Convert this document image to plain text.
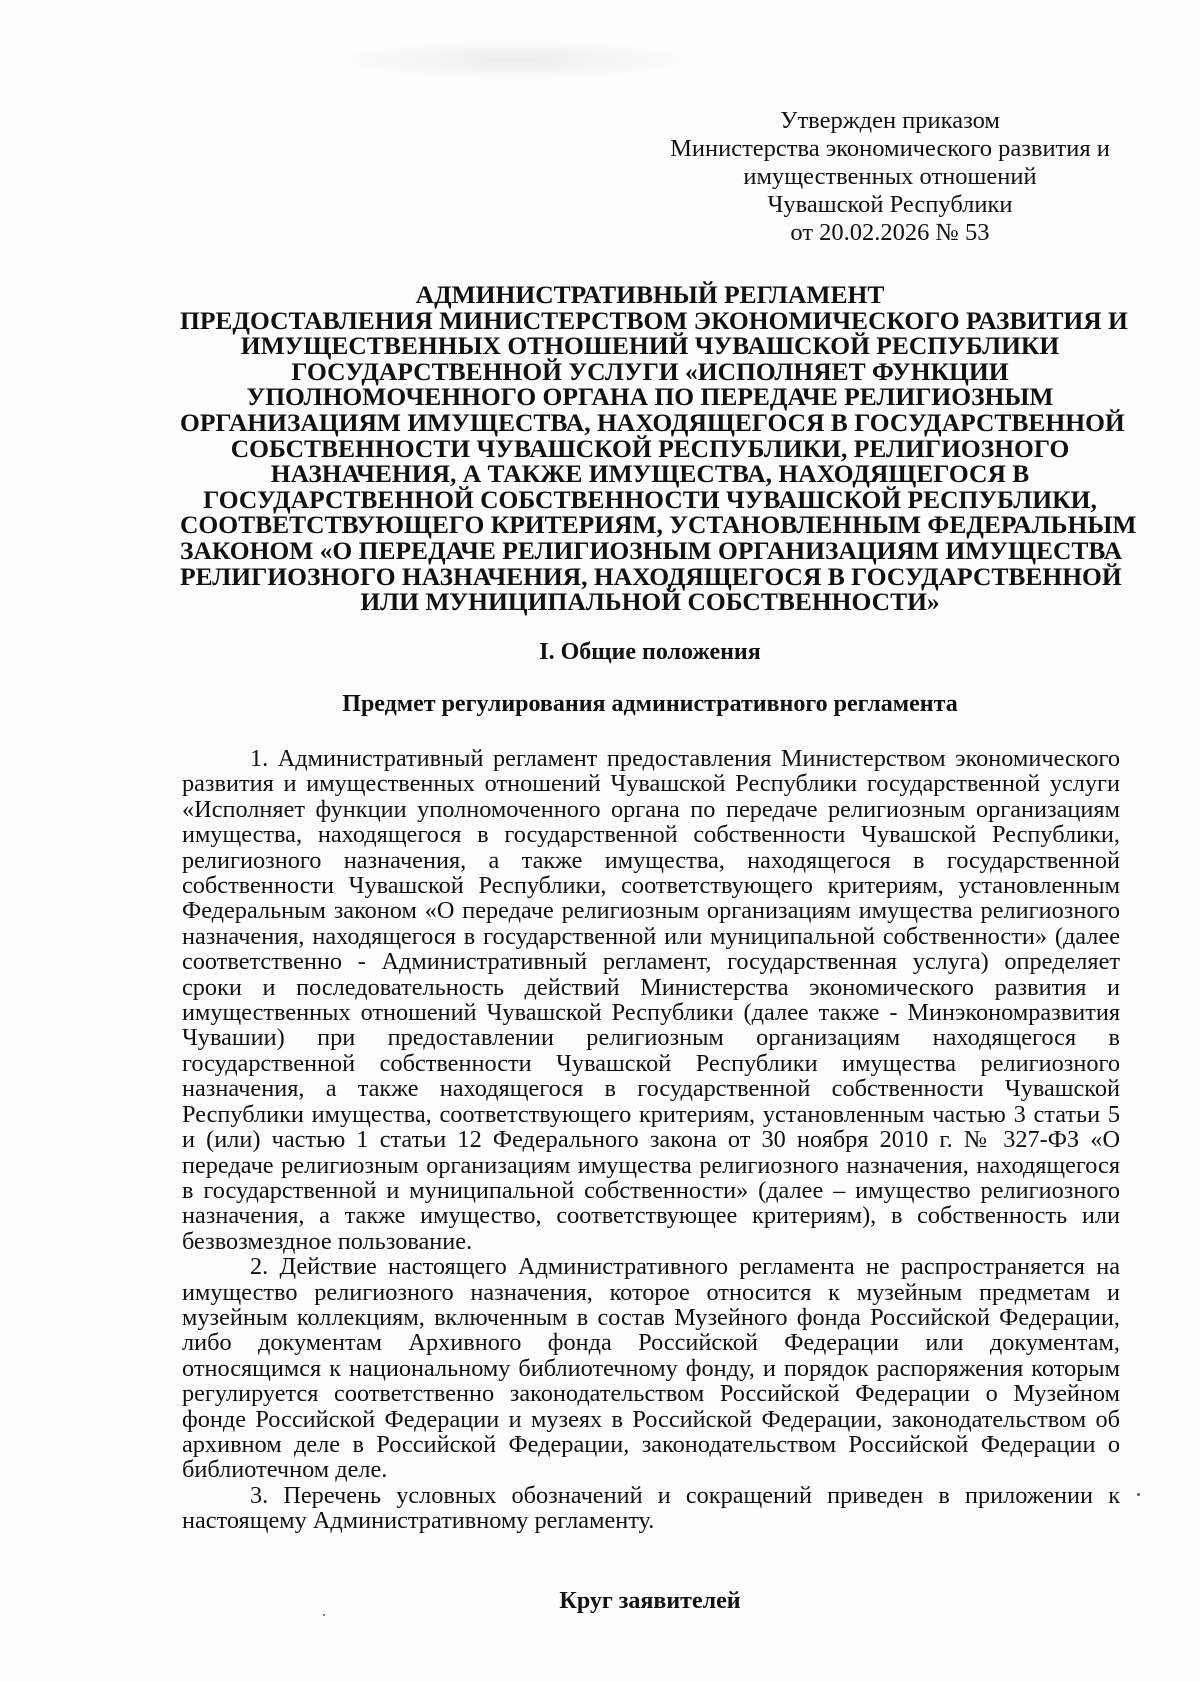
Утвержден приказом
Министерства экономического развития и
имущественных отношений
Чувашской Республики
от 20.02.2026 № 53
АДМИНИСТРАТИВНЫЙ РЕГЛАМЕНТ
ПРЕДОСТАВЛЕНИЯ МИНИСТЕРСТВОМ ЭКОНОМИЧЕСКОГО РАЗВИТИЯ И
ИМУЩЕСТВЕННЫХ ОТНОШЕНИЙ ЧУВАШСКОЙ РЕСПУБЛИКИ
ГОСУДАРСТВЕННОЙ УСЛУГИ «ИСПОЛНЯЕТ ФУНКЦИИ
УПОЛНОМОЧЕННОГО ОРГАНА ПО ПЕРЕДАЧЕ РЕЛИГИОЗНЫМ
ОРГАНИЗАЦИЯМ ИМУЩЕСТВА, НАХОДЯЩЕГОСЯ В ГОСУДАРСТВЕННОЙ
СОБСТВЕННОСТИ ЧУВАШСКОЙ РЕСПУБЛИКИ, РЕЛИГИОЗНОГО
НАЗНАЧЕНИЯ, А ТАКЖЕ ИМУЩЕСТВА, НАХОДЯЩЕГОСЯ В
ГОСУДАРСТВЕННОЙ СОБСТВЕННОСТИ ЧУВАШСКОЙ РЕСПУБЛИКИ,
СООТВЕТСТВУЮЩЕГО КРИТЕРИЯМ, УСТАНОВЛЕННЫМ ФЕДЕРАЛЬНЫМ
ЗАКОНОМ «О ПЕРЕДАЧЕ РЕЛИГИОЗНЫМ ОРГАНИЗАЦИЯМ ИМУЩЕСТВА
РЕЛИГИОЗНОГО НАЗНАЧЕНИЯ, НАХОДЯЩЕГОСЯ В ГОСУДАРСТВЕННОЙ
ИЛИ МУНИЦИПАЛЬНОЙ СОБСТВЕННОСТИ»
I. Общие положения
Предмет регулирования административного регламента

1. Административный регламент предоставления Министерством экономического развития и имущественных отношений Чувашской Республики государственной услуги «Исполняет функции уполномоченного органа по передаче религиозным организациям имущества, находящегося в государственной собственности Чувашской Республики, религиозного назначения, а также имущества, находящегося в государственной собственности Чувашской Республики, соответствующего критериям, установленным Федеральным законом «О передаче религиозным организациям имущества религиозного назначения, находящегося в государственной или муниципальной собственности» (далее соответственно - Административный регламент, государственная услуга) определяет сроки и последовательность действий Министерства экономического развития и имущественных отношений Чувашской Республики (далее также - Минэкономразвития Чувашии) при предоставлении религиозным организациям находящегося в государственной собственности Чувашской Республики имущества религиозного назначения, а также находящегося в государственной собственности Чувашской Республики имущества, соответствующего критериям, установленным частью 3 статьи 5 и (или) частью 1 статьи 12 Федерального закона от 30 ноября 2010 г. № 327-ФЗ «О передаче религиозным организациям имущества религиозного назначения, находящегося в государственной и муниципальной собственности» (далее – имущество религиозного назначения, а также имущество, соответствующее критериям), в собственность или безвозмездное пользование.

2. Действие настоящего Административного регламента не распространяется на имущество религиозного назначения, которое относится к музейным предметам и музейным коллекциям, включенным в состав Музейного фонда Российской Федерации, либо документам Архивного фонда Российской Федерации или документам, относящимся к национальному библиотечному фонду, и порядок распоряжения которым регулируется соответственно законодательством Российской Федерации о Музейном фонде Российской Федерации и музеях в Российской Федерации, законодательством об архивном деле в Российской Федерации, законодательством Российской Федерации о библиотечном деле.

3. Перечень условных обозначений и сокращений приведен в приложении к настоящему Административному регламенту.

Круг заявителей
